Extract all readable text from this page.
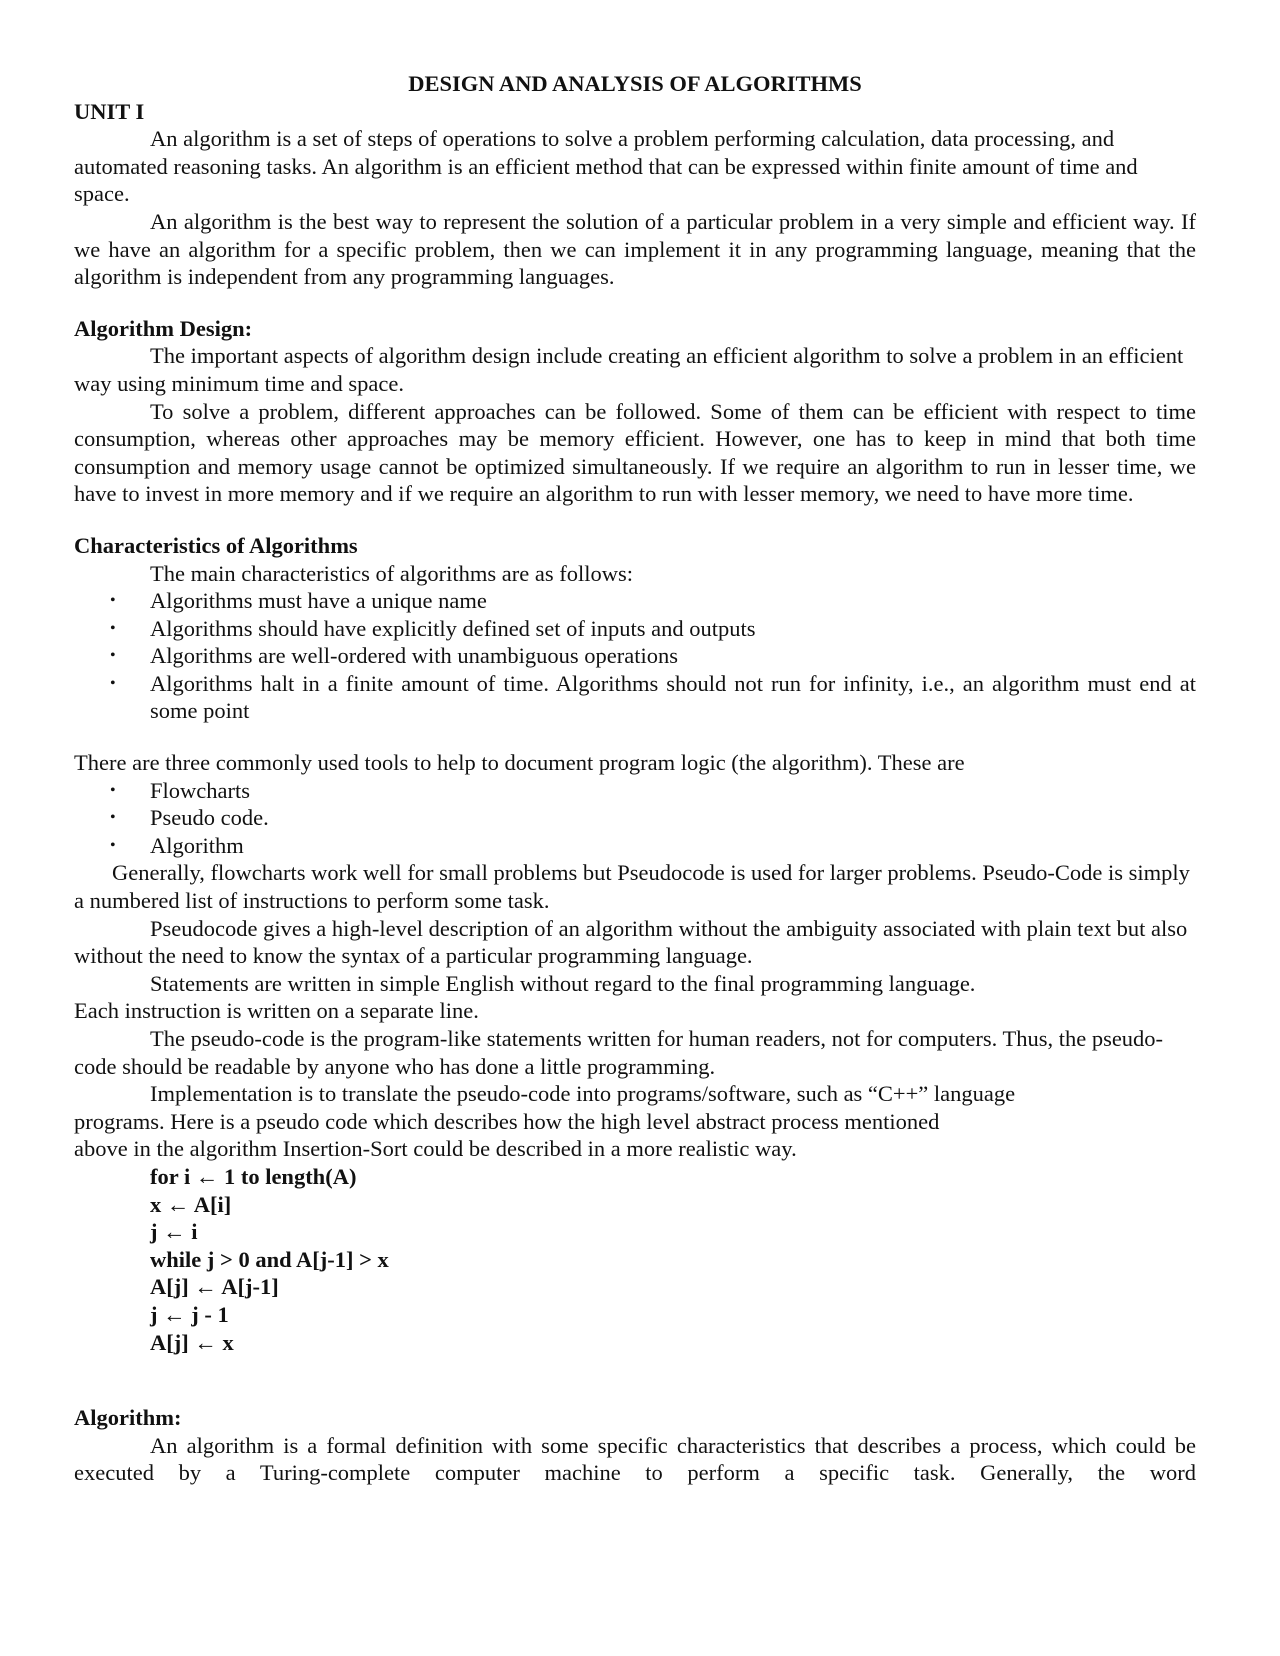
DESIGN AND ANALYSIS OF ALGORITHMS

UNIT I

An algorithm is a set of steps of operations to solve a problem performing calculation, data processing, and automated reasoning tasks. An algorithm is an efficient method that can be expressed within finite amount of time and space.

An algorithm is the best way to represent the solution of a particular problem in a very simple and efficient way. If we have an algorithm for a specific problem, then we can implement it in any programming language, meaning that the algorithm is independent from any programming languages.

Algorithm Design:

The important aspects of algorithm design include creating an efficient algorithm to solve a problem in an efficient way using minimum time and space.

To solve a problem, different approaches can be followed. Some of them can be efficient with respect to time consumption, whereas other approaches may be memory efficient. However, one has to keep in mind that both time consumption and memory usage cannot be optimized simultaneously. If we require an algorithm to run in lesser time, we have to invest in more memory and if we require an algorithm to run with lesser memory, we need to have more time.

Characteristics of Algorithms

The main characteristics of algorithms are as follows:

• Algorithms must have a unique name
• Algorithms should have explicitly defined set of inputs and outputs
• Algorithms are well-ordered with unambiguous operations
• Algorithms halt in a finite amount of time. Algorithms should not run for infinity, i.e., an algorithm must end at some point

There are three commonly used tools to help to document program logic (the algorithm). These are

• Flowcharts
• Pseudo code.
• Algorithm

Generally, flowcharts work well for small problems but Pseudocode is used for larger problems. Pseudo-Code is simply a numbered list of instructions to perform some task.

Pseudocode gives a high-level description of an algorithm without the ambiguity associated with plain text but also without the need to know the syntax of a particular programming language.

Statements are written in simple English without regard to the final programming language.

Each instruction is written on a separate line.

The pseudo-code is the program-like statements written for human readers, not for computers. Thus, the pseudo-code should be readable by anyone who has done a little programming.

Implementation is to translate the pseudo-code into programs/software, such as “C++” language

programs. Here is a pseudo code which describes how the high level abstract process mentioned

above in the algorithm Insertion-Sort could be described in a more realistic way.

for i ← 1 to length(A)
x ← A[i]
j ← i
while j > 0 and A[j-1] > x
A[j] ← A[j-1]
j ← j - 1
A[j] ← x

Algorithm:

An algorithm is a formal definition with some specific characteristics that describes a process, which could be executed by a Turing-complete computer machine to perform a specific task. Generally, the word
